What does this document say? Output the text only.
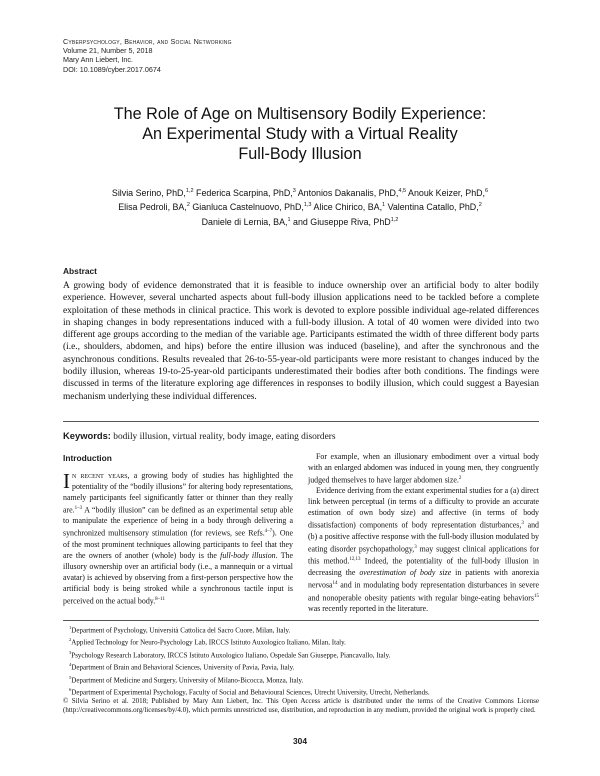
Cyberpsychology, Behavior, and Social Networking
Volume 21, Number 5, 2018
Mary Ann Liebert, Inc.
DOI: 10.1089/cyber.2017.0674
The Role of Age on Multisensory Bodily Experience:
An Experimental Study with a Virtual Reality
Full-Body Illusion
Silvia Serino, PhD,$^{1,2}$ Federica Scarpina, PhD,$^3$ Antonios Dakanalis, PhD,$^{4,5}$ Anouk Keizer, PhD,$^6$
Elisa Pedroli, BA,$^2$ Gianluca Castelnuovo, PhD,$^{1,3}$ Alice Chirico, BA,$^1$ Valentina Catallo, PhD,$^2$
Daniele di Lernia, BA,$^1$ and Giuseppe Riva, PhD$^{1,2}$
Abstract
A growing body of evidence demonstrated that it is feasible to induce ownership over an artificial body to alter bodily experience. However, several uncharted aspects about full-body illusion applications need to be tackled before a complete exploitation of these methods in clinical practice. This work is devoted to explore possible individual age-related differences in shaping changes in body representations induced with a full-body illusion. A total of 40 women were divided into two different age groups according to the median of the variable age. Participants estimated the width of three different body parts (i.e., shoulders, abdomen, and hips) before the entire illusion was induced (baseline), and after the synchronous and the asynchronous conditions. Results revealed that 26-to-55-year-old participants were more resistant to changes induced by the bodily illusion, whereas 19-to-25-year-old participants underestimated their bodies after both conditions. The findings were discussed in terms of the literature exploring age differences in responses to bodily illusion, which could suggest a Bayesian mechanism underlying these individual differences.
Keywords: bodily illusion, virtual reality, body image, eating disorders
Introduction

In recent years, a growing body of studies has highlighted the potentiality of the “bodily illusions” for altering body representations, namely participants feel significantly fatter or thinner than they really are.$^{1-3}$ A “bodily illusion” can be defined as an experimental setup able to manipulate the experience of being in a body through delivering a synchronized multisensory stimulation (for reviews, see Refs.$^{4-7}$). One of the most prominent techniques allowing participants to feel that they are the owners of another (whole) body is the full-body illusion. The illusory ownership over an artificial body (i.e., a mannequin or a virtual avatar) is achieved by observing from a first-person perspective how the artificial body is being stroked while a synchronous tactile input is perceived on the actual body.$^{8-11}$

For example, when an illusionary embodiment over a virtual body with an enlarged abdomen was induced in young men, they congruently judged themselves to have larger abdomen size.$^2$

Evidence deriving from the extant experimental studies for a (a) direct link between perceptual (in terms of a difficulty to provide an accurate estimation of own body size) and affective (in terms of body dissatisfaction) components of body representation disturbances,$^3$ and (b) a positive affective response with the full-body illusion modulated by eating disorder psychopathology,$^3$ may suggest clinical applications for this method.$^{12,13}$ Indeed, the potentiality of the full-body illusion in decreasing the overestimation of body size in patients with anorexia nervosa$^{14}$ and in modulating body representation disturbances in severe and nonoperable obesity patients with regular binge-eating behaviors$^{15}$ was recently reported in the literature.

$^1$Department of Psychology, Università Cattolica del Sacro Cuore, Milan, Italy.
$^2$Applied Technology for Neuro-Psychology Lab, IRCCS Istituto Auxologico Italiano, Milan, Italy.
$^3$Psychology Research Laboratory, IRCCS Istituto Auxologico Italiano, Ospedale San Giuseppe, Piancavallo, Italy.
$^4$Department of Brain and Behavioral Sciences, University of Pavia, Pavia, Italy.
$^5$Department of Medicine and Surgery, University of Milano-Bicocca, Monza, Italy.
$^6$Department of Experimental Psychology, Faculty of Social and Behavioural Sciences, Utrecht University, Utrecht, Netherlands.
© Silvia Serino et al. 2018; Published by Mary Ann Liebert, Inc. This Open Access article is distributed under the terms of the Creative Commons License (http://creativecommons.org/licenses/by/4.0), which permits unrestricted use, distribution, and reproduction in any medium, provided the original work is properly cited.
304
